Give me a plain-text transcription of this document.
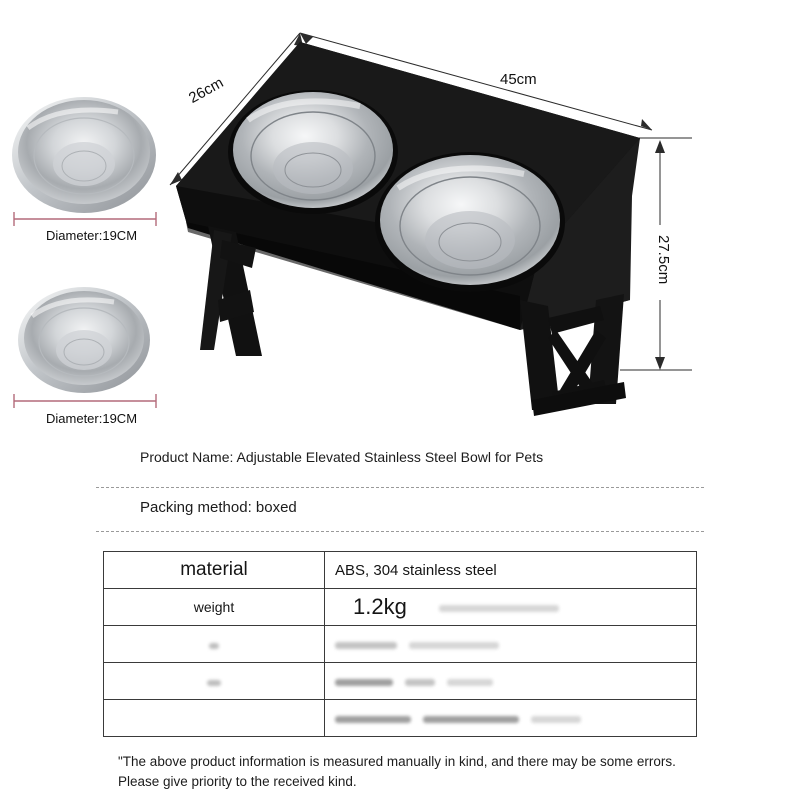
26cm	45cm
27.5cm
Diameter:19CM
Diameter:19CM
Product Name: Adjustable Elevated Stainless Steel Bowl for Pets
Packing method: boxed
material	ABS, 304 stainless steel
weight	1.2kg

"The above product information is measured manually in kind, and there may be some errors. Please give priority to the received kind.
